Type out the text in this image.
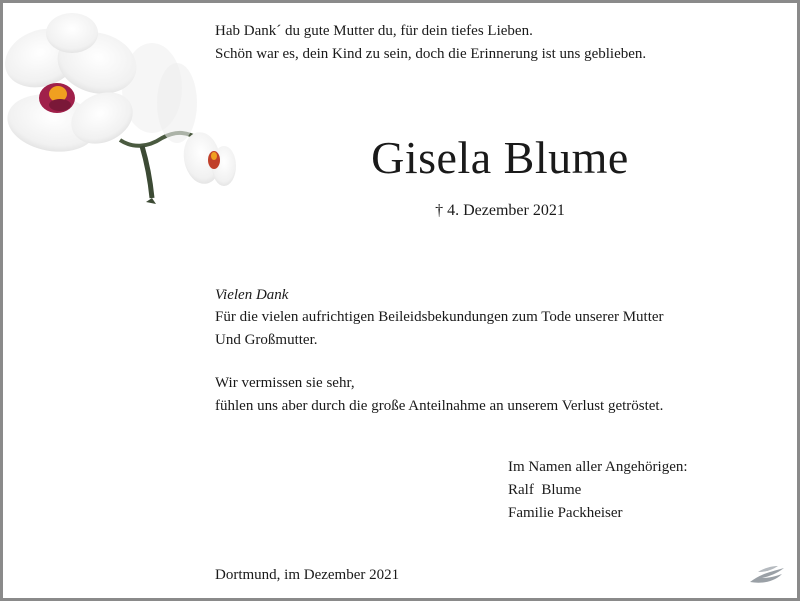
Hab Dank´ du gute Mutter du, für dein tiefes Lieben.
Schön war es, dein Kind zu sein, doch die Erinnerung ist uns geblieben.
Gisela Blume
† 4. Dezember 2021
Vielen Dank
Für die vielen aufrichtigen Beileidsbekundungen zum Tode unserer Mutter
Und Großmutter.
Wir vermissen sie sehr,
fühlen uns aber durch die große Anteilnahme an unserem Verlust getröstet.
Im Namen aller Angehörigen:
Ralf  Blume
Familie Packheiser
Dortmund, im Dezember 2021
